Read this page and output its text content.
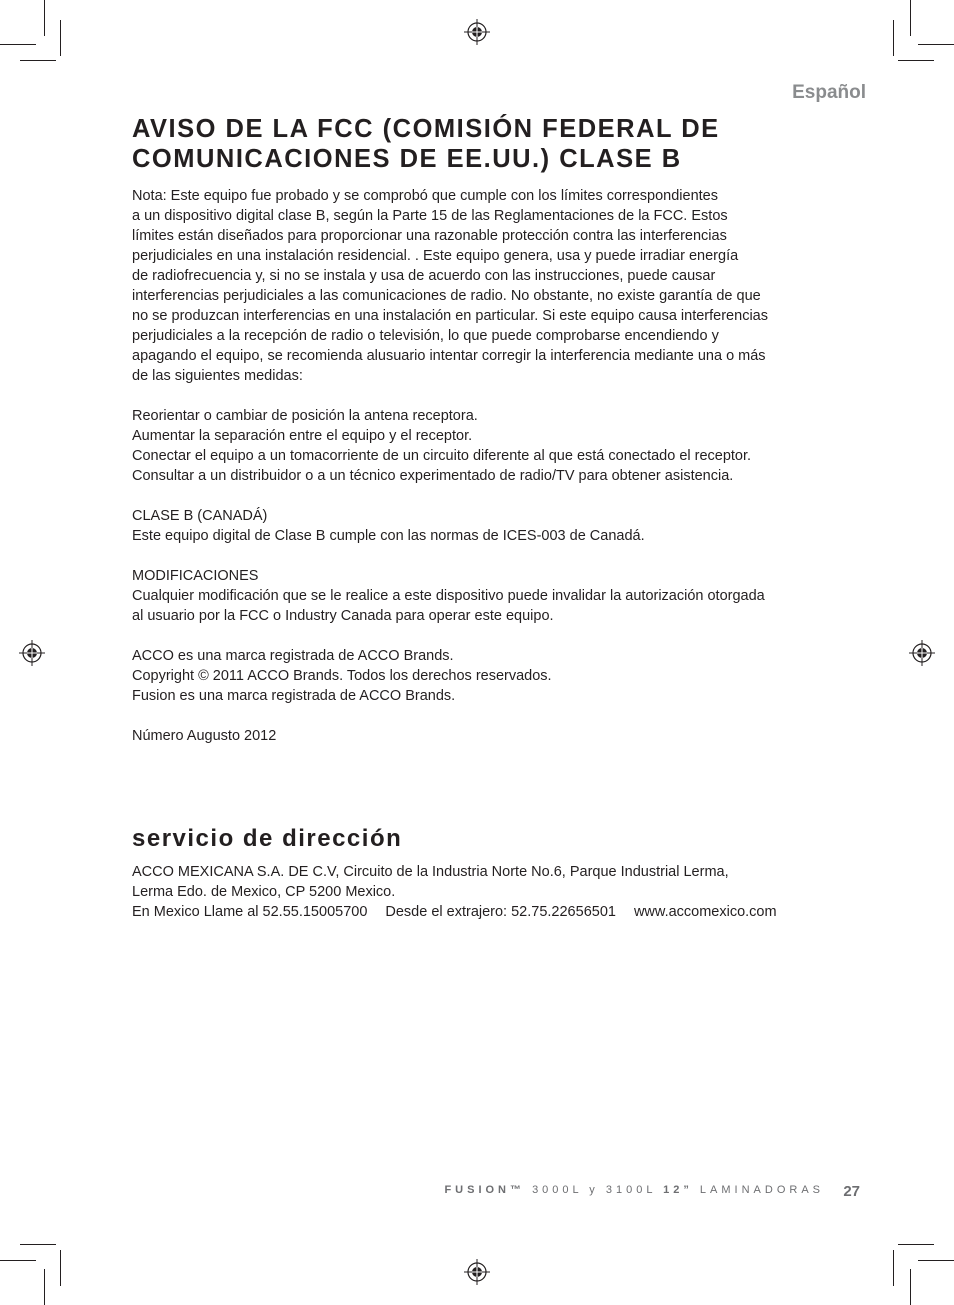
Español
AVISO DE LA FCC (COMISIÓN FEDERAL DE
COMUNICACIONES DE EE.UU.) CLASE B
Nota: Este equipo fue probado y se comprobó que cumple con los límites correspondientes
a un dispositivo digital clase B, según la Parte 15 de las Reglamentaciones de la FCC. Estos
límites están diseñados para proporcionar una razonable protección contra las interferencias
perjudiciales en una instalación residencial. . Este equipo genera, usa y puede irradiar energía
de radiofrecuencia y, si no se instala y usa de acuerdo con las instrucciones, puede causar
interferencias perjudiciales a las comunicaciones de radio. No obstante, no existe garantía de que
no se produzcan interferencias en una instalación en particular. Si este equipo causa interferencias
perjudiciales a la recepción de radio o televisión, lo que puede comprobarse encendiendo y
apagando el equipo, se recomienda alusuario intentar corregir la interferencia mediante una o más
de las siguientes medidas:
Reorientar o cambiar de posición la antena receptora.
Aumentar la separación entre el equipo y el receptor.
Conectar el equipo a un tomacorriente de un circuito diferente al que está conectado el receptor.
Consultar a un distribuidor o a un técnico experimentado de radio/TV para obtener asistencia.
CLASE B (CANADÁ)
Este equipo digital de Clase B cumple con las normas de ICES-003 de Canadá.
MODIFICACIONES
Cualquier modificación que se le realice a este dispositivo puede invalidar la autorización otorgada
al usuario por la FCC o Industry Canada para operar este equipo.
ACCO es una marca registrada de ACCO Brands.
Copyright © 2011 ACCO Brands. Todos los derechos reservados.
Fusion es una marca registrada de ACCO Brands.
Número Augusto 2012
servicio de dirección
ACCO MEXICANA S.A. DE C.V, Circuito de la Industria Norte No.6, Parque Industrial Lerma,
Lerma Edo. de Mexico, CP 5200 Mexico.
En Mexico Llame al 52.55.15005700 Desde el extrajero: 52.75.22656501 www.accomexico.com
FUSION™ 3000L y 3100L 12” LAMINADORAS 27
